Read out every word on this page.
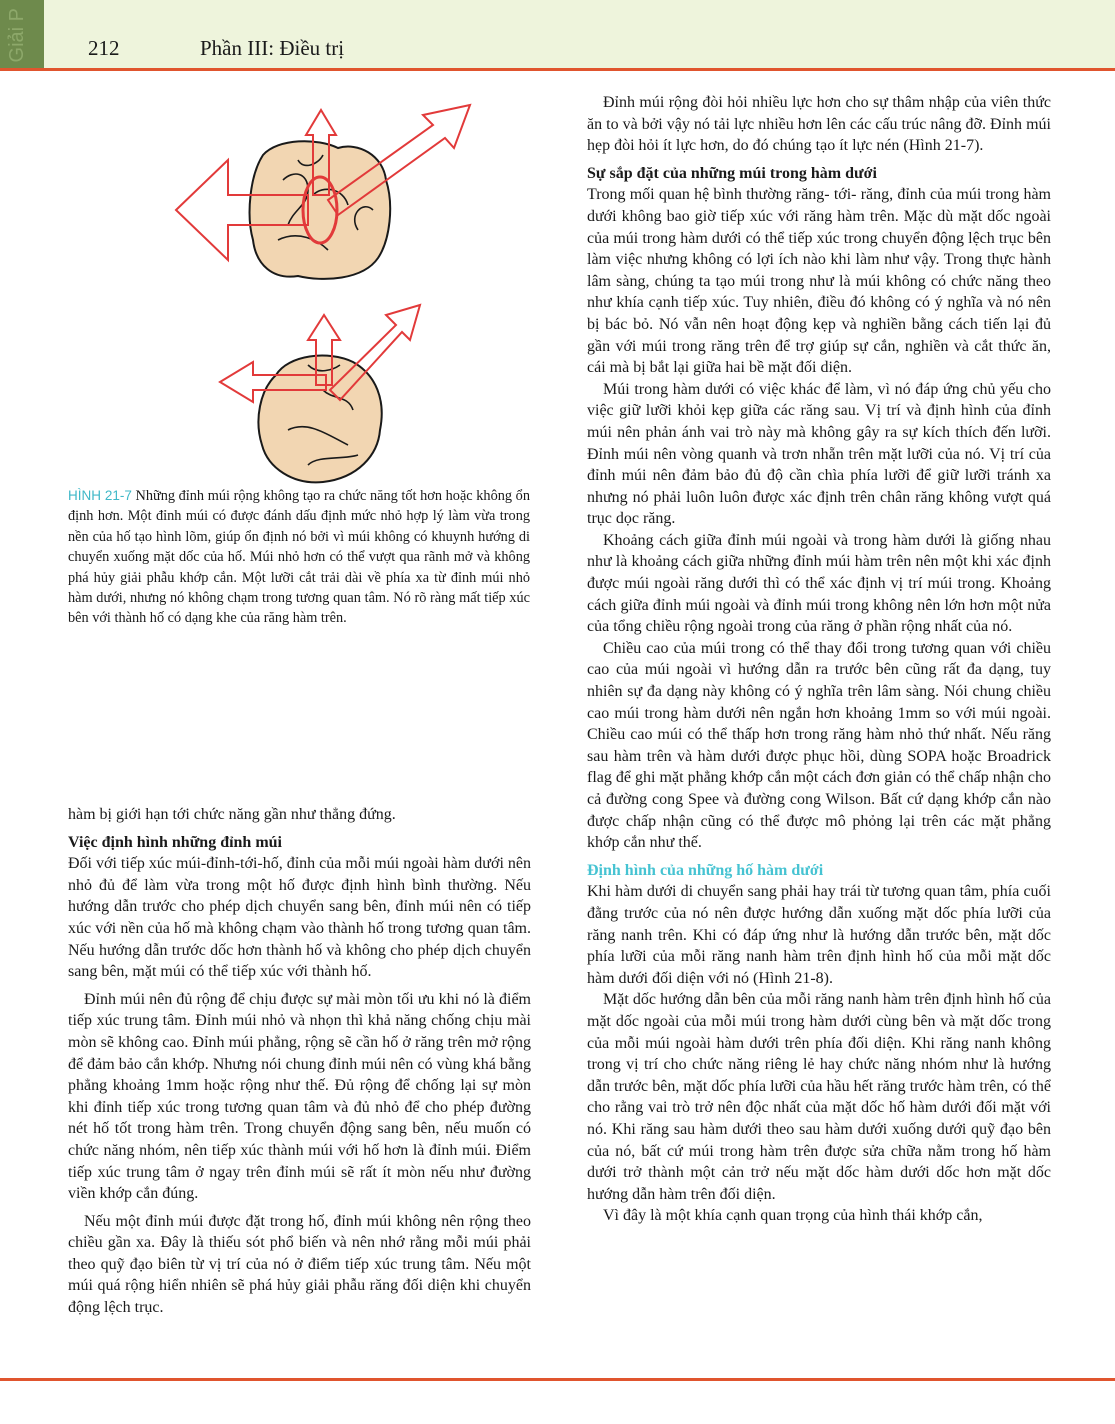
Giải P	212	Phần III: Điều trị
HÌNH 21-7 Những đỉnh múi rộng không tạo ra chức năng tốt hơn hoặc không ổn định hơn. Một đỉnh múi có được đánh dấu định mức nhỏ hợp lý làm vừa trong nền của hố tạo hình lõm, giúp ổn định nó bởi vì múi không có khuynh hướng di chuyển xuống mặt dốc của hố. Múi nhỏ hơn có thể vượt qua rãnh mở và không phá hủy giải phẫu khớp cắn. Một lưỡi cắt trải dài về phía xa từ đỉnh múi nhỏ hàm dưới, nhưng nó không chạm trong tương quan tâm. Nó rõ ràng mất tiếp xúc bên với thành hố có dạng khe của răng hàm trên.

hàm bị giới hạn tới chức năng gần như thẳng đứng.

Việc định hình những đỉnh múi

Đối với tiếp xúc múi-đỉnh-tới-hố, đỉnh của mỗi múi ngoài hàm dưới nên nhỏ đủ để làm vừa trong một hố được định hình bình thường. Nếu hướng dẫn trước cho phép dịch chuyển sang bên, đỉnh múi nên có tiếp xúc với nền của hố mà không chạm vào thành hố trong tương quan tâm. Nếu hướng dẫn trước dốc hơn thành hố và không cho phép dịch chuyển sang bên, mặt múi có thể tiếp xúc với thành hố.

Đỉnh múi nên đủ rộng để chịu được sự mài mòn tối ưu khi nó là điểm tiếp xúc trung tâm. Đỉnh múi nhỏ và nhọn thì khả năng chống chịu mài mòn sẽ không cao. Đỉnh múi phẳng, rộng sẽ cần hố ở răng trên mở rộng để đảm bảo cắn khớp. Nhưng nói chung đỉnh múi nên có vùng khá bằng phẳng khoảng 1mm hoặc rộng như thế. Đủ rộng để chống lại sự mòn khi đỉnh tiếp xúc trong tương quan tâm và đủ nhỏ để cho phép đường nét hố tốt trong hàm trên. Trong chuyển động sang bên, nếu muốn có chức năng nhóm, nên tiếp xúc thành múi với hố hơn là đỉnh múi. Điểm tiếp xúc trung tâm ở ngay trên đỉnh múi sẽ rất ít mòn nếu như đường viền khớp cắn đúng.

Nếu một đỉnh múi được đặt trong hố, đỉnh múi không nên rộng theo chiều gần xa. Đây là thiếu sót phổ biến và nên nhớ rằng mỗi múi phải theo quỹ đạo biên từ vị trí của nó ở điểm tiếp xúc trung tâm. Nếu một múi quá rộng hiển nhiên sẽ phá hủy giải phẫu răng đối diện khi chuyển động lệch trục.

Đỉnh múi rộng đòi hỏi nhiều lực hơn cho sự thâm nhập của viên thức ăn to và bởi vậy nó tải lực nhiều hơn lên các cấu trúc nâng đỡ. Đỉnh múi hẹp đòi hỏi ít lực hơn, do đó chúng tạo ít lực nén (Hình 21-7).

Sự sắp đặt của những múi trong hàm dưới

Trong mối quan hệ bình thường răng- tới- răng, đỉnh của múi trong hàm dưới không bao giờ tiếp xúc với răng hàm trên. Mặc dù mặt dốc ngoài của múi trong hàm dưới có thể tiếp xúc trong chuyển động lệch trục bên làm việc nhưng không có lợi ích nào khi làm như vậy. Trong thực hành lâm sàng, chúng ta tạo múi trong như là múi không có chức năng theo như khía cạnh tiếp xúc. Tuy nhiên, điều đó không có ý nghĩa và nó nên bị bác bỏ. Nó vẫn nên hoạt động kẹp và nghiền bằng cách tiến lại đủ gần với múi trong răng trên để trợ giúp sự cắn, nghiền và cắt thức ăn, cái mà bị bắt lại giữa hai bề mặt đối diện.

Múi trong hàm dưới có việc khác để làm, vì nó đáp ứng chủ yếu cho việc giữ lưỡi khỏi kẹp giữa các răng sau. Vị trí và định hình của đỉnh múi nên phản ánh vai trò này mà không gây ra sự kích thích đến lưỡi. Đỉnh múi nên vòng quanh và trơn nhẵn trên mặt lưỡi của nó. Vị trí của đỉnh múi nên đảm bảo đủ độ cần chìa phía lưỡi để giữ lưỡi tránh xa nhưng nó phải luôn luôn được xác định trên chân răng không vượt quá trục dọc răng.

Khoảng cách giữa đỉnh múi ngoài và trong hàm dưới là giống nhau như là khoảng cách giữa những đỉnh múi hàm trên nên một khi xác định được múi ngoài răng dưới thì có thể xác định vị trí múi trong. Khoảng cách giữa đỉnh múi ngoài và đỉnh múi trong không nên lớn hơn một nửa của tổng chiều rộng ngoài trong của răng ở phần rộng nhất của nó.

Chiều cao của múi trong có thể thay đổi trong tương quan với chiều cao của múi ngoài vì hướng dẫn ra trước bên cũng rất đa dạng, tuy nhiên sự đa dạng này không có ý nghĩa trên lâm sàng. Nói chung chiều cao múi trong hàm dưới nên ngắn hơn khoảng 1mm so với múi ngoài. Chiều cao múi có thể thấp hơn trong răng hàm nhỏ thứ nhất. Nếu răng sau hàm trên và hàm dưới được phục hồi, dùng SOPA hoặc Broadrick flag để ghi mặt phẳng khớp cắn một cách đơn giản có thể chấp nhận cho cả đường cong Spee và đường cong Wilson. Bất cứ dạng khớp cắn nào được chấp nhận cũng có thể được mô phỏng lại trên các mặt phẳng khớp cắn như thế.

Định hình của những hố hàm dưới

Khi hàm dưới di chuyển sang phải hay trái từ tương quan tâm, phía cuối đằng trước của nó nên được hướng dẫn xuống mặt dốc phía lưỡi của răng nanh trên. Khi có đáp ứng như là hướng dẫn trước bên, mặt dốc phía lưỡi của mỗi răng nanh hàm trên định hình hố của mỗi mặt dốc hàm dưới đối diện với nó (Hình 21-8).

Mặt dốc hướng dẫn bên của mỗi răng nanh hàm trên định hình hố của mặt dốc ngoài của mỗi múi trong hàm dưới cùng bên và mặt dốc trong của mỗi múi ngoài hàm dưới trên phía đối diện. Khi răng nanh không trong vị trí cho chức năng riêng lẻ hay chức năng nhóm như là hướng dẫn trước bên, mặt dốc phía lưỡi của hầu hết răng trước hàm trên, có thể cho rằng vai trò trở nên độc nhất của mặt dốc hố hàm dưới đối mặt với nó. Khi răng sau hàm dưới theo sau hàm dưới xuống dưới quỹ đạo bên của nó, bất cứ múi trong hàm trên được sửa chữa nằm trong hố hàm dưới trở thành một cản trở nếu mặt dốc hàm dưới dốc hơn mặt dốc hướng dẫn hàm trên đối diện.

Vì đây là một khía cạnh quan trọng của hình thái khớp cắn,
